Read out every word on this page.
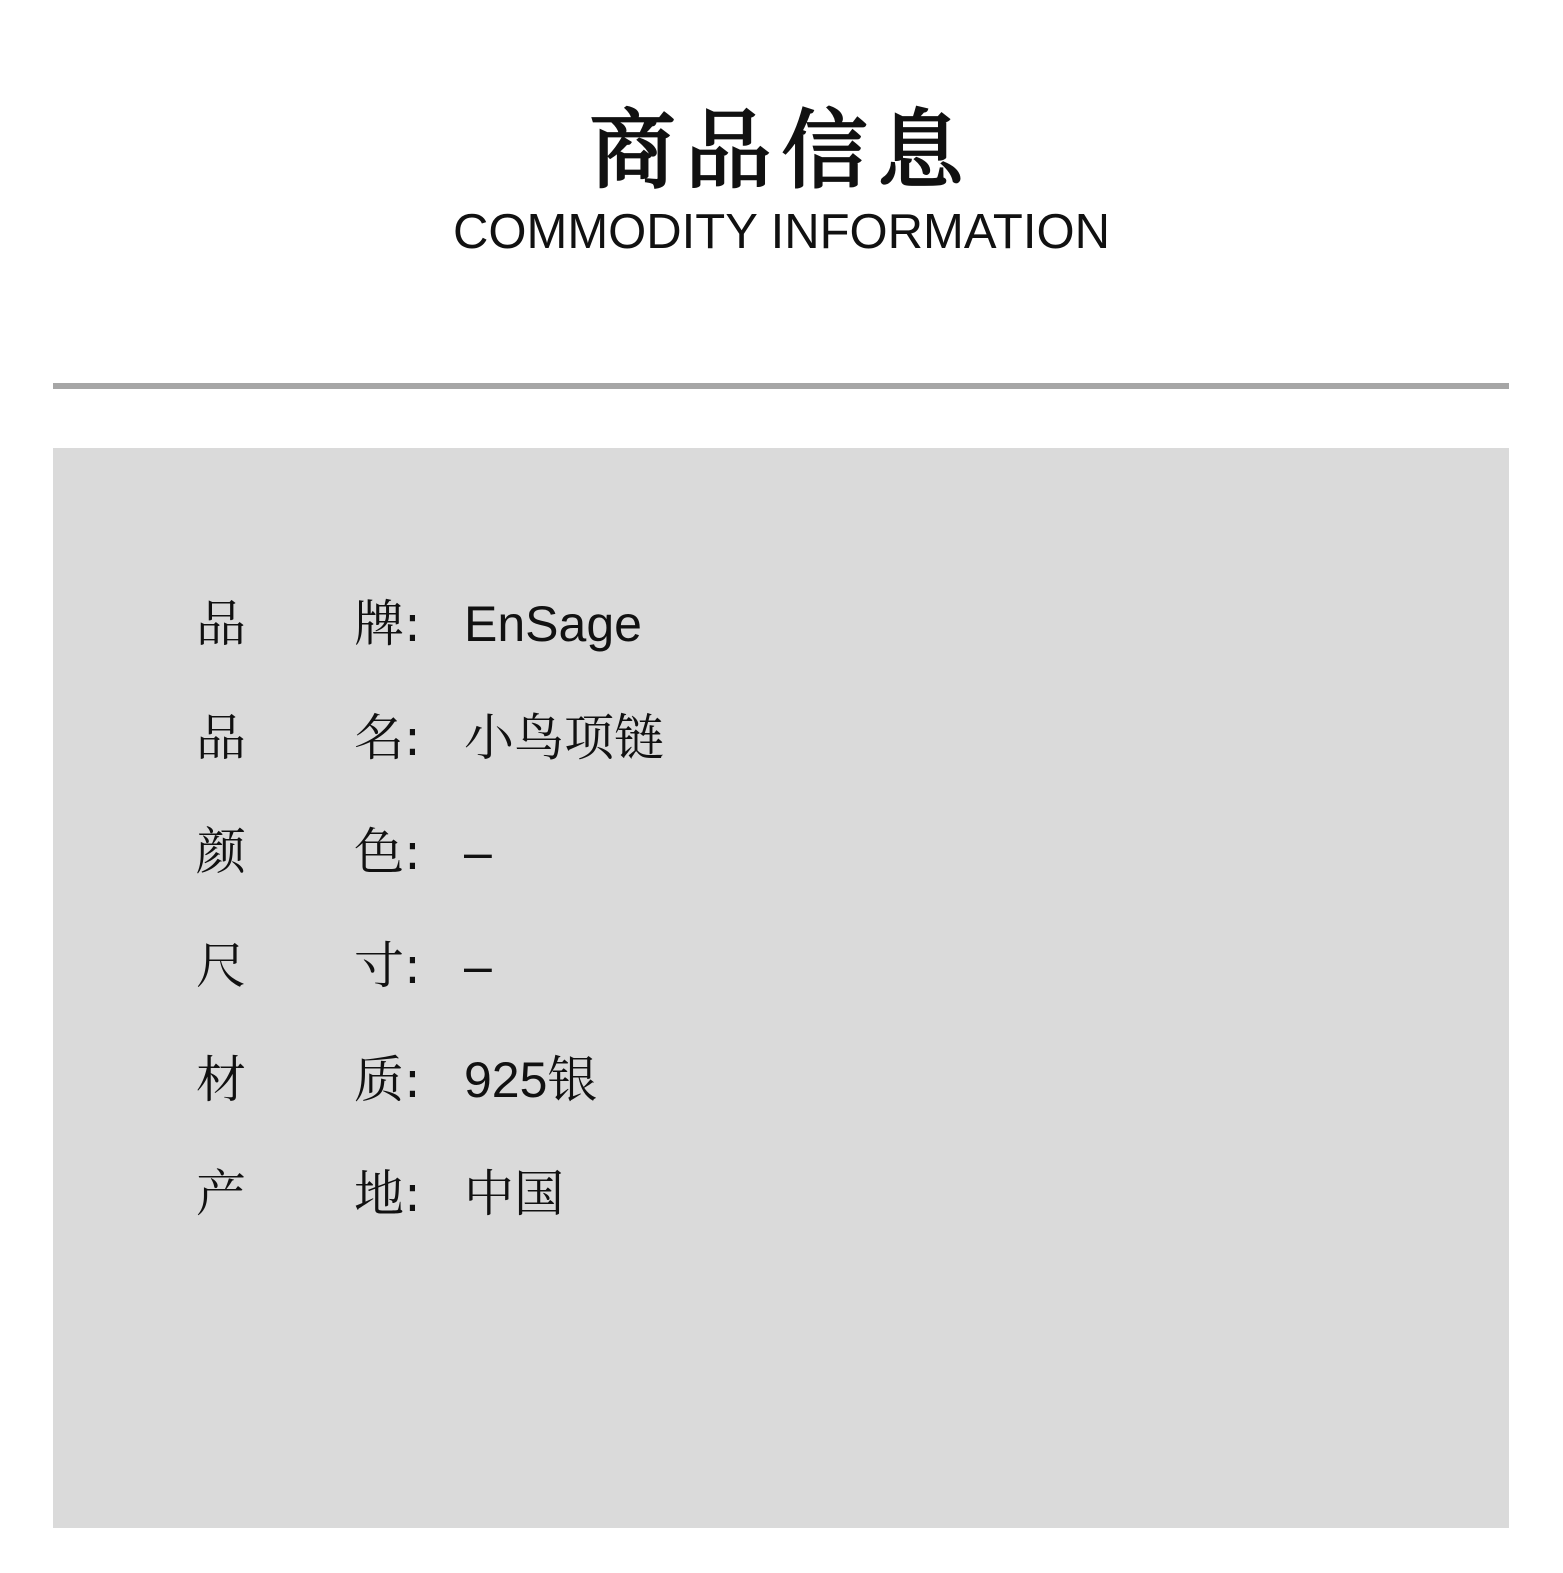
商品信息
COMMODITY INFORMATION
品 牌 : EnSage
品 名 : 小鸟项链
颜 色 : –
尺 寸 : –
材 质 : 925银
产 地 : 中国
